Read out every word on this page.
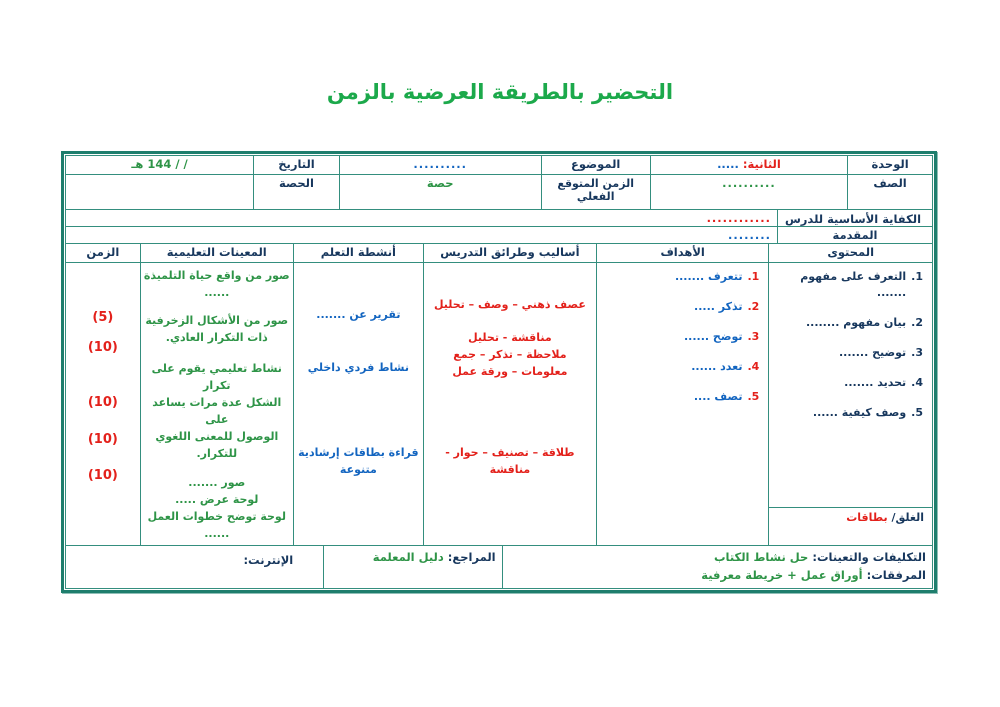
التحضير بالطريقة العرضية بالزمن
الوحدة
الثانية: .....
الموضوع
..........
التاريخ
/ / 144 هـ
الصف
..........
الزمن المتوقع
الفعلي
حصة
الحصة
الكفاية الأساسية للدرس
............
المقدمة
........
المحتوى
الأهداف
أساليب وطرائق التدريس
أنشطة التعلم
المعينات التعليمية
الزمن
1.
التعرف على مفهوم .......
2.
بيان مفهوم ........
3.
توضيح .......
4.
تحديد .......
5.
وصف كيفية ......
الغلق/ بطاقات
1.
تتعرف .......
2.
تذكر .....
3.
توضح ......
4.
تعدد ......
5.
تصف ....
عصف ذهني – وصف – تحليل
مناقشة - تحليل
ملاحظة – تذكر – جمع
معلومات – ورقة عمل
طلاقة – تصنيف – حوار -
مناقشة
تقرير عن .......
نشاط فردي داخلي
قراءة بطاقات إرشادية
متنوعة
صور من واقع حياة التلميذة
......
صور من الأشكال الزخرفية
ذات التكرار العادي.
نشاط تعليمي يقوم على تكرار
الشكل عدة مرات يساعد على
الوصول للمعنى اللغوي
للتكرار.
صور .......
لوحة عرض .....
لوحة توضح خطوات العمل
......
(5)
(10)
(10)
(10)
(10)
التكليفات والتعينات: حل نشاط الكتاب
المرفقات: أوراق عمل + خريطة معرفية
المراجع: دليل المعلمة
الإنترنت:
